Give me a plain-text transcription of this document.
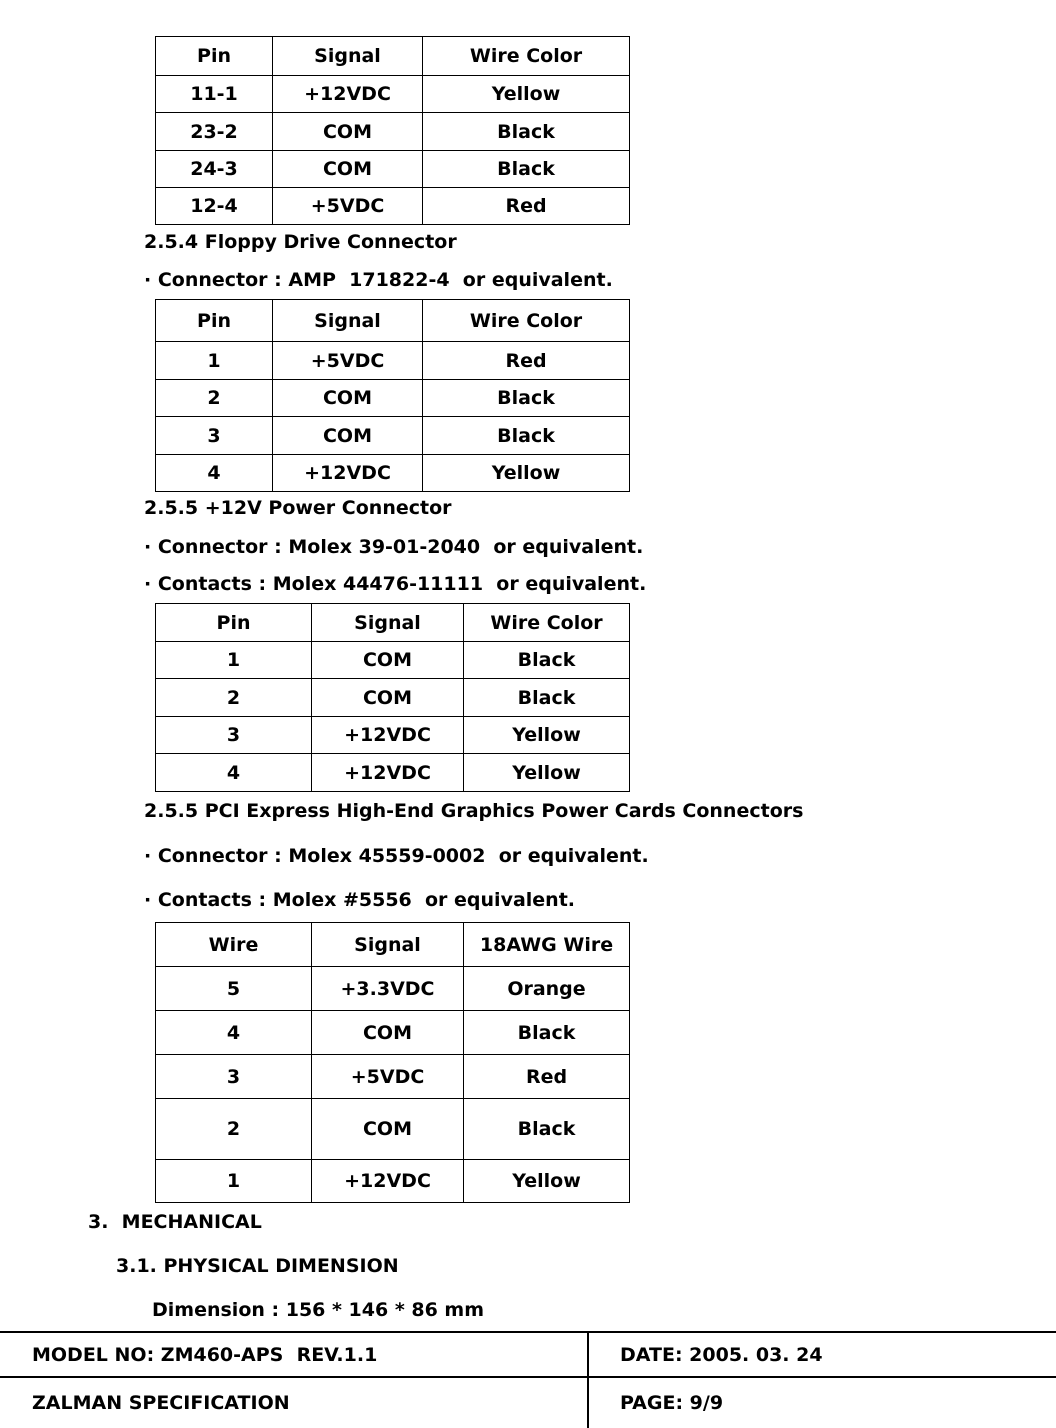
Pin	Signal	Wire Color
11-1	+12VDC	Yellow
23-2	COM	Black
24-3	COM	Black
12-4	+5VDC	Red
2.5.4 Floppy Drive Connector
· Connector : AMP  171822-4  or equivalent.
Pin	Signal	Wire Color
1	+5VDC	Red
2	COM	Black
3	COM	Black
4	+12VDC	Yellow
2.5.5 +12V Power Connector
· Connector : Molex 39-01-2040  or equivalent.
· Contacts : Molex 44476-11111  or equivalent.
Pin	Signal	Wire Color
1	COM	Black
2	COM	Black
3	+12VDC	Yellow
4	+12VDC	Yellow
2.5.5 PCI Express High-End Graphics Power Cards Connectors
· Connector : Molex 45559-0002  or equivalent.
· Contacts : Molex #5556  or equivalent.
Wire	Signal	18AWG Wire
5	+3.3VDC	Orange
4	COM	Black
3	+5VDC	Red
2	COM	Black
1	+12VDC	Yellow
3.  MECHANICAL
3.1. PHYSICAL DIMENSION
Dimension : 156 * 146 * 86 mm
MODEL NO: ZM460-APS  REV.1.1	DATE: 2005. 03. 24
ZALMAN SPECIFICATION	PAGE: 9/9
